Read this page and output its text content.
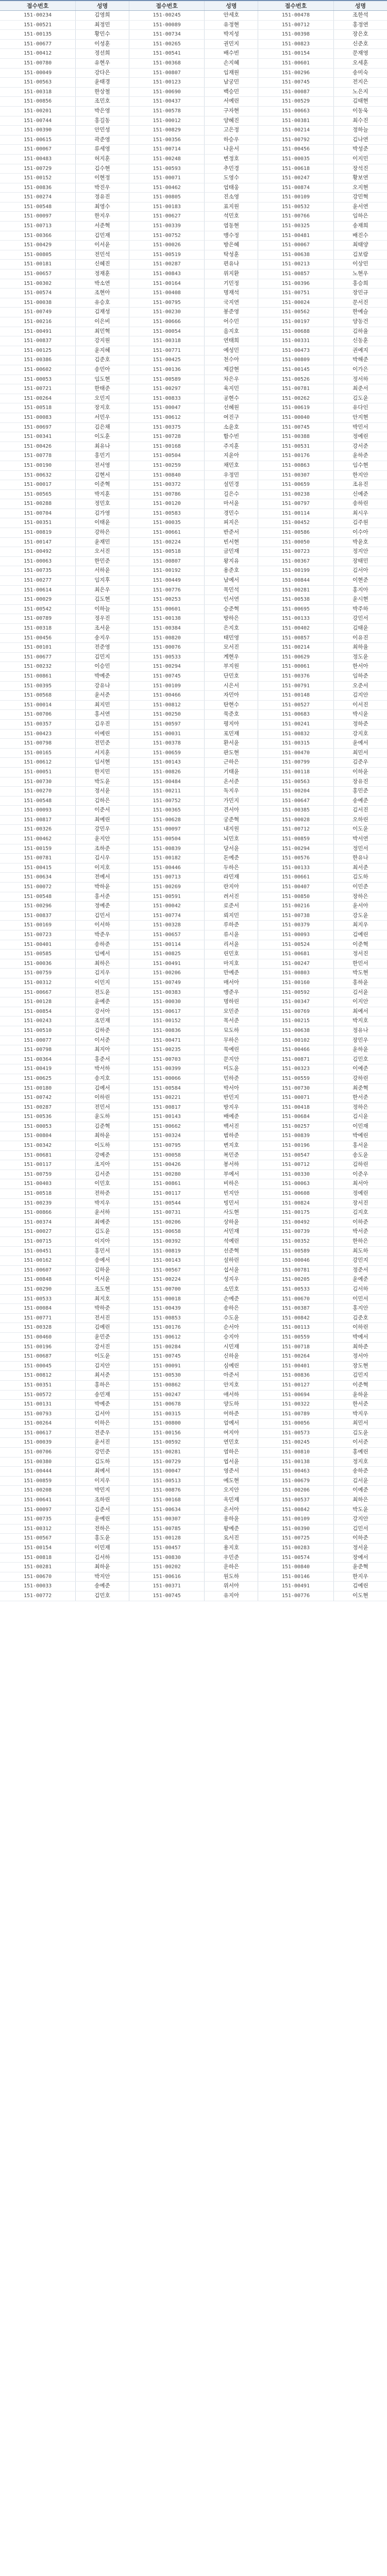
접수번호	성명	접수번호	성명	접수번호	성명
151-00234	김영희	151-00245	안세호	151-00478	조한석
151-00521	최정민	151-00089	유정현	151-00712	홍정연
151-00135	황민수	151-00734	박지성	151-00398	장은호
151-00677	이성훈	151-00265	권민지	151-00823	신준호
151-00412	정선희	151-00541	배수빈	151-00154	문재영
151-00780	유현우	151-00368	손지혜	151-00601	오세훈
151-00049	강다은	151-00807	임재원	151-00296	송미숙
151-00563	윤태경	151-00123	남궁민	151-00745	전지은
151-00318	한상철	151-00690	백승민	151-00087	노은지
151-00856	조민호	151-00437	서예린	151-00529	김태현
151-00201	박은영	151-00578	구자현	151-00663	이동욱
151-00744	홍길동	151-00012	양혜진	151-00381	최수진
151-00390	안민성	151-00829	고은정	151-00214	정하늘
151-00615	곽준영	151-00356	하승우	151-00792	김나연
151-00067	류세영	151-00714	나윤서	151-00456	박성준
151-00483	허지훈	151-00248	변정호	151-00035	이지민
151-00729	김수현	151-00593	추민경	151-00618	장석진
151-00152	이현정	151-00071	도영수	151-00247	황보연
151-00836	박진우	151-00462	엄태웅	151-00874	오지현
151-00274	정유진	151-00805	진소영	151-00109	강민혁
151-00548	최영수	151-00183	표지원	151-00532	윤서연
151-00097	한지우	151-00627	석민호	151-00766	임하은
151-00713	서준혁	151-00339	염동현	151-00325	송재희
151-00366	김민재	151-00752	맹수정	151-00481	배진수
151-00429	이서윤	151-00026	방은혜	151-00067	최태양
151-00805	전민석	151-00519	탁성훈	151-00638	김보람
151-00181	신혜진	151-00287	편유나	151-00213	이상민
151-00657	정재훈	151-00843	위지환	151-00857	노현우
151-00302	박소연	151-00164	기민정	151-00396	홍승희
151-00574	조현아	151-00408	명재석	151-00751	장민규
151-00038	유승호	151-00795	국지연	151-00024	문서진
151-00749	김재성	151-00230	봉준영	151-00562	한예슬
151-00216	이은비	151-00666	어수민	151-00197	양동건
151-00491	최민혁	151-00054	음지호	151-00688	김하율
151-00837	강지원	151-00318	연태희	151-00331	신동훈
151-00125	윤지혜	151-00771	예성민	151-00473	권예지
151-00386	김준호	151-00425	천수아	151-00809	박해준
151-00602	송민아	151-00136	제갈현	151-00145	이가은
151-00053	임도현	151-00589	차은우	151-00526	정서하
151-00721	한태준	151-00297	육지민	151-00781	최준서
151-00264	오민지	151-00833	공현수	151-00262	김도윤
151-00518	장지호	151-00047	선혜원	151-00619	유다인
151-00083	서민우	151-00612	여진구	151-00040	안지현
151-00697	김은채	151-00375	소윤호	151-00745	박민서
151-00341	이도훈	151-00728	함수빈	151-00388	정예린
151-00426	최유나	151-00168	주지훈	151-00531	강서준
151-00778	홍민기	151-00504	지윤아	151-00176	윤하준
151-00190	전서영	151-00259	채민호	151-00863	임수현
151-00632	김현서	151-00840	우정민	151-00307	한지안
151-00017	이준혁	151-00372	설민경	151-00659	조유진
151-00565	박지훈	151-00786	길은수	151-00238	신예준
151-00288	정민호	151-00120	마서윤	151-00797	송하린
151-00704	김가영	151-00583	경민수	151-00114	최시우
151-00351	이태윤	151-00035	피지은	151-00452	김주원
151-00819	강하은	151-00661	반준서	151-00586	이수아
151-00147	윤재민	151-00224	빈서현	151-00050	박윤호
151-00492	오서진	151-00518	금민재	151-00723	정지안
151-00063	한민준	151-00807	왕지유	151-00367	장태민
151-00735	서하윤	151-00192	용준호	151-00199	김서아
151-00277	임지후	151-00449	남예서	151-00844	이현준
151-00614	최은우	151-00776	목민석	151-00281	홍지아
151-00029	김도현	151-00253	인서연	151-00538	윤시현
151-00542	이하늘	151-00601	승준혁	151-00695	박주하
151-00789	정우진	151-00138	방하은	151-00133	강민서
151-00318	조서윤	151-00384	은지호	151-00402	김태윤
151-00456	송지우	151-00820	태민영	151-00857	이유진
151-00101	전준영	151-00076	모서진	151-00214	최하율
151-00677	김민지	151-00533	계현우	151-00629	정도윤
151-00232	이승민	151-00294	부지원	151-00061	한서아
151-00861	박예준	151-00745	단민호	151-00376	임하준
151-00395	강유나	151-00109	시은서	151-00791	오준서
151-00568	윤서준	151-00466	자민아	151-00148	김지안
151-00014	최지민	151-00812	탄현수	151-00527	이서진
151-00706	홍서연	151-00250	묵준호	151-00683	박시윤
151-00357	김우진	151-00597	평지아	151-00241	정하준
151-00423	이예린	151-00031	포민재	151-00832	강지호
151-00798	전민준	151-00378	환서윤	151-00315	윤예서
151-00165	서지훈	151-00659	판도현	151-00470	최민서
151-00612	임서현	151-00143	근하은	151-00799	김준우
151-00051	한지민	151-00826	기태윤	151-00118	이하윤
151-00730	박도윤	151-00484	온서준	151-00563	장유진
151-00270	정서윤	151-00211	독지우	151-00204	홍민준
151-00548	김하은	151-00752	가민지	151-00647	송예준
151-00093	이준서	151-00365	견서아	151-00385	김서진
151-00817	최예린	151-00628	궁준혁	151-00028	오하린
151-00326	강민우	151-00097	내지원	151-00712	이도윤
151-00462	윤지안	151-00504	뇌민호	151-00859	박서연
151-00159	조하준	151-00839	당서윤	151-00294	정민서
151-00781	김시우	151-00182	돈예준	151-00576	한유나
151-00415	이지호	151-00446	두하은	151-00133	최서준
151-00634	전예서	151-00713	라민재	151-00661	김도하
151-00072	박하윤	151-00269	란지아	151-00407	이민준
151-00548	홍서준	151-00591	려서진	151-00850	장하은
151-00296	정예준	151-00042	로준서	151-00216	윤서아
151-00837	김민서	151-00774	뢰지민	151-00738	강도윤
151-00169	이서하	151-00328	루하준	151-00379	최지우
151-00723	박준우	151-00657	류시윤	151-00093	김예린
151-00401	송하준	151-00114	리서윤	151-00524	이준혁
151-00585	임예서	151-00825	린민호	151-00681	정서진
151-00036	최하은	151-00491	마지호	151-00247	한민서
151-00759	김지우	151-00206	만예준	151-00803	박도현
151-00312	이민지	151-00749	매서아	151-00160	홍하윤
151-00667	전도윤	151-00383	맹준우	151-00592	김서윤
151-00128	윤예준	151-00030	명하린	151-00347	이지안
151-00854	강서아	151-00617	모민준	151-00769	최예서
151-00243	조민재	151-00152	목서준	151-00215	박지호
151-00510	김하준	151-00836	묘도하	151-00638	정유나
151-00077	이서준	151-00471	무하은	151-00102	장민우
151-00798	최지아	151-00235	묵예린	151-00466	윤하윤
151-00364	홍준서	151-00703	문지안	151-00871	김민호
151-00419	박서하	151-00399	미도윤	151-00323	이예준
151-00625	송지호	151-00066	민하준	151-00559	강하린
151-00180	김예서	151-00584	박서아	151-00730	최준혁
151-00742	이하린	151-00221	반민지	151-00071	한서준
151-00287	전민서	151-00817	방지우	151-00418	정하은
151-00536	윤도하	151-00143	배예준	151-00684	김시윤
151-00053	김준혁	151-00662	백서진	151-00257	이민재
151-00804	최하윤	151-00324	범하준	151-00839	박예린
151-00342	이도하	151-00795	변지호	151-00196	홍서윤
151-00681	강예준	151-00058	복민준	151-00547	송도윤
151-00117	조지아	151-00426	봉서하	151-00712	김하린
151-00759	김서준	151-00280	부예서	151-00330	이준우
151-00403	이민호	151-00861	비하은	151-00063	최서아
151-00518	전하준	151-00117	빈지안	151-00608	정예린
151-00239	박지우	151-00544	빙민서	151-00824	장서진
151-00866	윤서하	151-00731	사도현	151-00175	김지호
151-00374	최예준	151-00206	상하윤	151-00492	이하준
151-00027	김도윤	151-00658	서민재	151-00739	박서준
151-00715	이지아	151-00392	석예린	151-00352	한하은
151-00451	홍민서	151-00819	선준혁	151-00589	최도하
151-00162	송예서	151-00143	설하린	151-00046	강민지
151-00607	김하윤	151-00567	섭서윤	151-00781	정준서
151-00848	이서윤	151-00224	성지우	151-00205	윤예준
151-00290	조도현	151-00700	소민호	151-00533	김서하
151-00533	최지호	151-00018	손예준	151-00670	이민서
151-00084	박하준	151-00439	송하은	151-00387	홍지안
151-00771	전서진	151-00853	수도윤	151-00842	김준호
151-00328	김예린	151-00176	순서아	151-00113	이하린
151-00460	윤민준	151-00612	승지아	151-00559	박예서
151-00196	강서진	151-00284	시민재	151-00718	최하준
151-00687	이도윤	151-00745	신하윤	151-00264	정서아
151-00045	김지안	151-00091	심예린	151-00401	장도현
151-00812	최서준	151-00530	아준서	151-00836	김민지
151-00351	홍하은	151-00862	안지호	151-00127	이준혁
151-00572	송민재	151-00247	애서하	151-00694	윤하윤
151-00131	박예준	151-00678	양도하	151-00322	한서준
151-00793	김서아	151-00315	어하준	151-00789	박지우
151-00264	이하은	151-00800	엄예서	151-00056	최민서
151-00617	전준우	151-00156	여지아	151-00573	김도윤
151-00039	윤서진	151-00592	연민호	151-00245	이서준
151-00706	강민준	151-00281	염하은	151-00810	홍예린
151-00380	김도하	151-00729	엽서윤	151-00138	정지호
151-00444	최예서	151-00047	영준서	151-00463	송하준
151-00859	이지우	151-00513	예도현	151-00679	김서윤
151-00208	박민지	151-00876	오지안	151-00206	이예준
151-00641	조하린	151-00168	옥민재	151-00537	최하은
151-00097	김준서	151-00634	온서아	151-00842	박도윤
151-00735	윤예린	151-00307	옹하윤	151-00109	강지안
151-00312	전하은	151-00785	왕예준	151-00390	김민서
151-00567	홍도윤	151-00128	요서진	151-00725	이하준
151-00154	이민재	151-00457	용지호	151-00283	정서윤
151-00818	김서하	151-00830	우민준	151-00574	장예서
151-00281	최하윤	151-00202	운하은	151-00840	윤준혁
151-00670	박지안	151-00616	원도하	151-00146	한지우
151-00033	송예준	151-00371	위서아	151-00491	김예린
151-00772	김민호	151-00745	유지아	151-00776	이도현
